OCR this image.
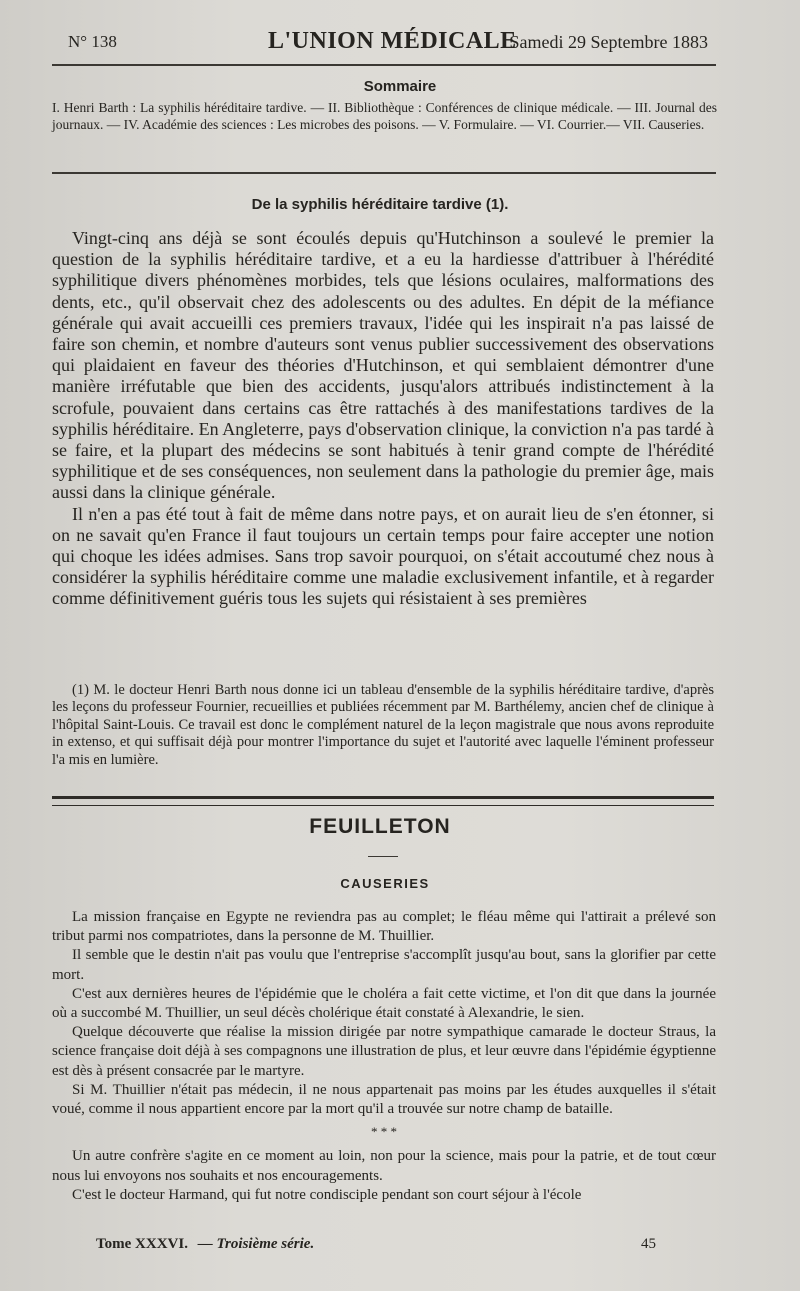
N° 138	L'UNION MÉDICALE
Samedi 29 Septembre 1883
Sommaire
I. Henri Barth : La syphilis héréditaire tardive. — II. Bibliothèque : Conférences de clinique médicale. — III. Journal des journaux. — IV. Académie des sciences : Les microbes des poisons. — V. Formulaire. — VI. Courrier.— VII. Causeries.
De la syphilis héréditaire tardive (1).

Vingt-cinq ans déjà se sont écoulés depuis qu'Hutchinson a soulevé le premier la question de la syphilis héréditaire tardive, et a eu la hardiesse d'attribuer à l'hérédité syphilitique divers phénomènes morbides, tels que lésions oculaires, malformations des dents, etc., qu'il observait chez des adolescents ou des adultes. En dépit de la méfiance générale qui avait accueilli ces premiers travaux, l'idée qui les inspirait n'a pas laissé de faire son chemin, et nombre d'auteurs sont venus publier successivement des observations qui plaidaient en faveur des théories d'Hutchinson, et qui semblaient démontrer d'une manière irréfutable que bien des accidents, jusqu'alors attribués indistinctement à la scrofule, pouvaient dans certains cas être rattachés à des manifestations tardives de la syphilis héréditaire. En Angleterre, pays d'observation clinique, la conviction n'a pas tardé à se faire, et la plupart des médecins se sont habitués à tenir grand compte de l'hérédité syphilitique et de ses conséquences, non seulement dans la pathologie du premier âge, mais aussi dans la clinique générale.

Il n'en a pas été tout à fait de même dans notre pays, et on aurait lieu de s'en étonner, si on ne savait qu'en France il faut toujours un certain temps pour faire accepter une notion qui choque les idées admises. Sans trop savoir pourquoi, on s'était accoutumé chez nous à considérer la syphilis héréditaire comme une maladie exclusivement infantile, et à regarder comme définitivement guéris tous les sujets qui résistaient à ses premières

(1) M. le docteur Henri Barth nous donne ici un tableau d'ensemble de la syphilis héréditaire tardive, d'après les leçons du professeur Fournier, recueillies et publiées récemment par M. Barthélemy, ancien chef de clinique à l'hôpital Saint-Louis. Ce travail est donc le complément naturel de la leçon magistrale que nous avons reproduite in extenso, et qui suffisait déjà pour montrer l'importance du sujet et l'autorité avec laquelle l'éminent professeur l'a mis en lumière.

FEUILLETON
CAUSERIES

La mission française en Egypte ne reviendra pas au complet; le fléau même qui l'attirait a prélevé son tribut parmi nos compatriotes, dans la personne de M. Thuillier.

Il semble que le destin n'ait pas voulu que l'entreprise s'accomplît jusqu'au bout, sans la glorifier par cette mort.

C'est aux dernières heures de l'épidémie que le choléra a fait cette victime, et l'on dit que dans la journée où a succombé M. Thuillier, un seul décès cholérique était constaté à Alexandrie, le sien.

Quelque découverte que réalise la mission dirigée par notre sympathique camarade le docteur Straus, la science française doit déjà à ses compagnons une illustration de plus, et leur œuvre dans l'épidémie égyptienne est dès à présent consacrée par le martyre.

Si M. Thuillier n'était pas médecin, il ne nous appartenait pas moins par les études auxquelles il s'était voué, comme il nous appartient encore par la mort qu'il a trouvée sur notre champ de bataille.

* * *

Un autre confrère s'agite en ce moment au loin, non pour la science, mais pour la patrie, et de tout cœur nous lui envoyons nos souhaits et nos encouragements.

C'est le docteur Harmand, qui fut notre condisciple pendant son court séjour à l'école

Tome XXXVI. — Troisième série.	45
